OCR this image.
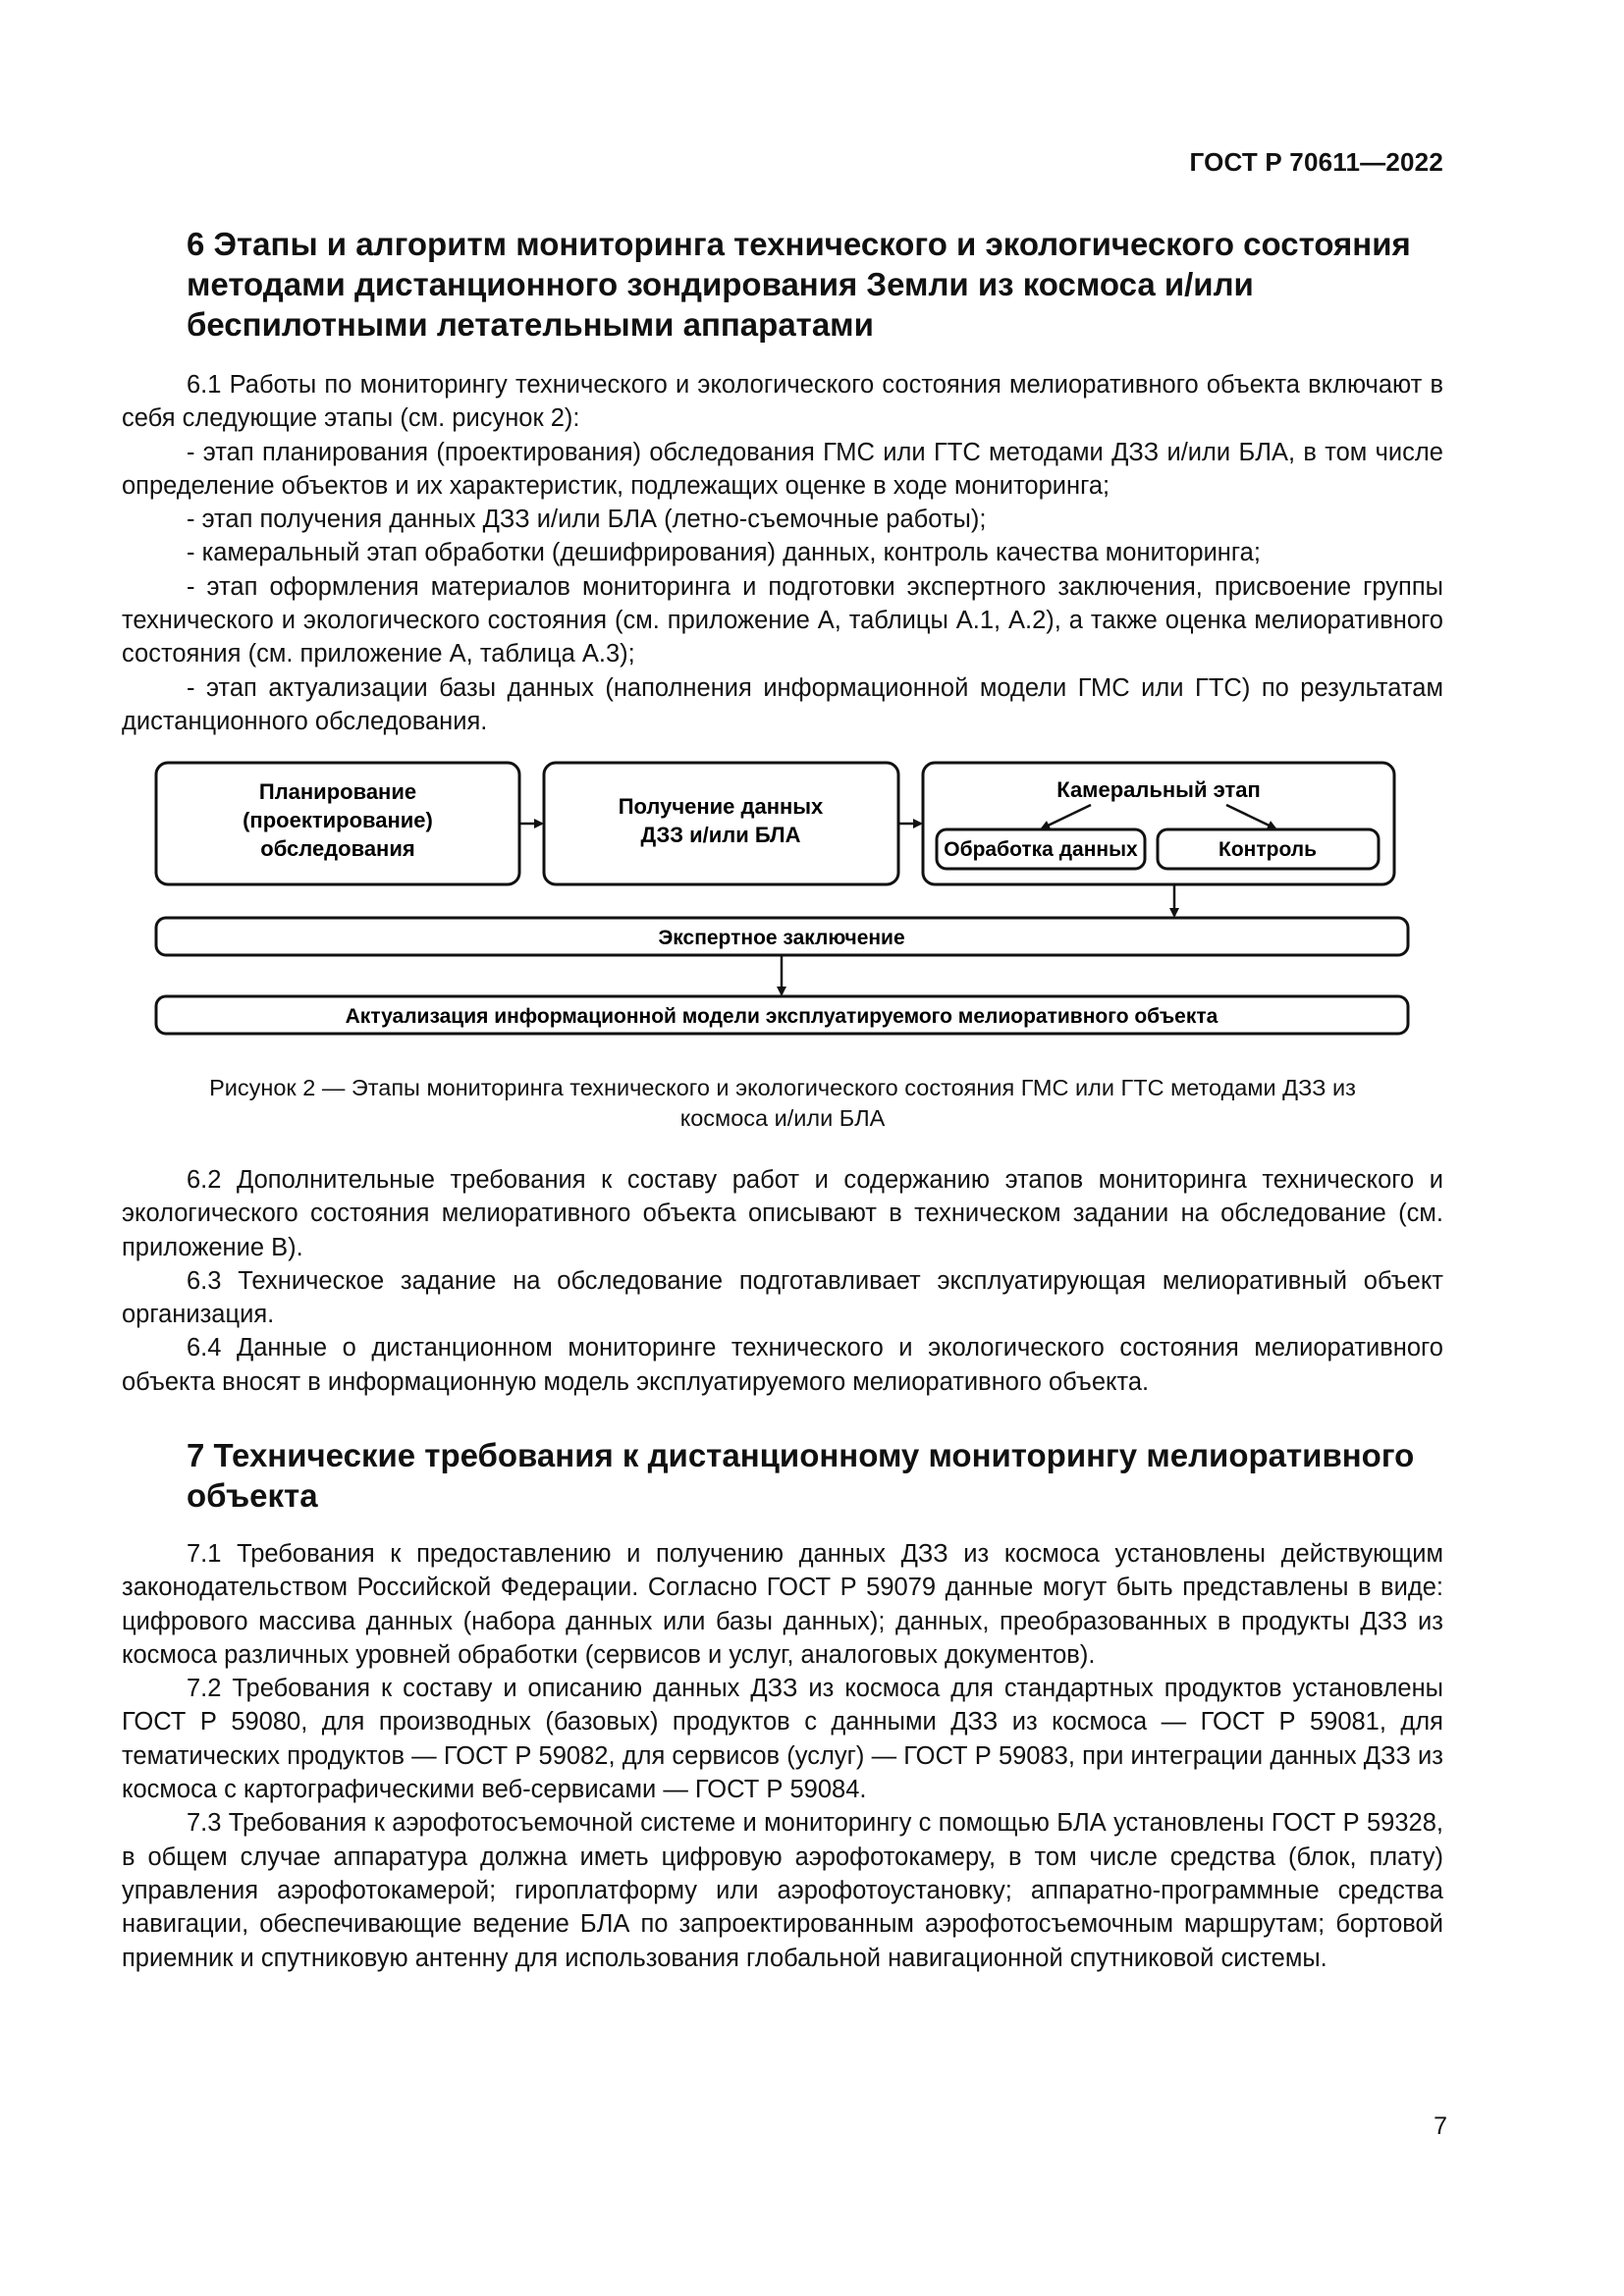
ГОСТ Р 70611—2022
6 Этапы и алгоритм мониторинга технического и экологического состояния методами дистанционного зондирования Земли из космоса и/или беспилотными летательными аппаратами

6.1 Работы по мониторингу технического и экологического состояния мелиоративного объекта включают в себя следующие этапы (см. рисунок 2):

- этап планирования (проектирования) обследования ГМС или ГТС методами ДЗЗ и/или БЛА, в том числе определение объектов и их характеристик, подлежащих оценке в ходе мониторинга;

- этап получения данных ДЗЗ и/или БЛА (летно-съемочные работы);

- камеральный этап обработки (дешифрирования) данных, контроль качества мониторинга;

- этап оформления материалов мониторинга и подготовки экспертного заключения, присвоение группы технического и экологического состояния (см. приложение А, таблицы А.1, А.2), а также оценка мелиоративного состояния (см. приложение А, таблица А.3);

- этап актуализации базы данных (наполнения информационной модели ГМС или ГТС) по результатам дистанционного обследования.

Планирование
(проектирование)
обследования
Получение данных
ДЗЗ и/или БЛА
Камеральный этап
Обработка данных	Контроль
Экспертное заключение
Актуализация информационной модели эксплуатируемого мелиоративного объекта
Рисунок 2 — Этапы мониторинга технического и экологического состояния ГМС или ГТС методами ДЗЗ из
космоса и/или БЛА

6.2 Дополнительные требования к составу работ и содержанию этапов мониторинга технического и экологического состояния мелиоративного объекта описывают в техническом задании на обследование (см. приложение В).

6.3 Техническое задание на обследование подготавливает эксплуатирующая мелиоративный объект организация.

6.4 Данные о дистанционном мониторинге технического и экологического состояния мелиоративного объекта вносят в информационную модель эксплуатируемого мелиоративного объекта.

7 Технические требования к дистанционному мониторингу мелиоративного объекта

7.1 Требования к предоставлению и получению данных ДЗЗ из космоса установлены действующим законодательством Российской Федерации. Согласно ГОСТ Р 59079 данные могут быть представлены в виде: цифрового массива данных (набора данных или базы данных); данных, преобразованных в продукты ДЗЗ из космоса различных уровней обработки (сервисов и услуг, аналоговых документов).

7.2 Требования к составу и описанию данных ДЗЗ из космоса для стандартных продуктов установлены ГОСТ Р 59080, для производных (базовых) продуктов с данными ДЗЗ из космоса — ГОСТ Р 59081, для тематических продуктов — ГОСТ Р 59082, для сервисов (услуг) — ГОСТ Р 59083, при интеграции данных ДЗЗ из космоса с картографическими веб-сервисами — ГОСТ Р 59084.

7.3 Требования к аэрофотосъемочной системе и мониторингу с помощью БЛА установлены ГОСТ Р 59328, в общем случае аппаратура должна иметь цифровую аэрофотокамеру, в том числе средства (блок, плату) управления аэрофотокамерой; гироплатформу или аэрофотоустановку; аппаратно-программные средства навигации, обеспечивающие ведение БЛА по запроектированным аэрофотосъемочным маршрутам; бортовой приемник и спутниковую антенну для использования глобальной навигационной спутниковой системы.

7
